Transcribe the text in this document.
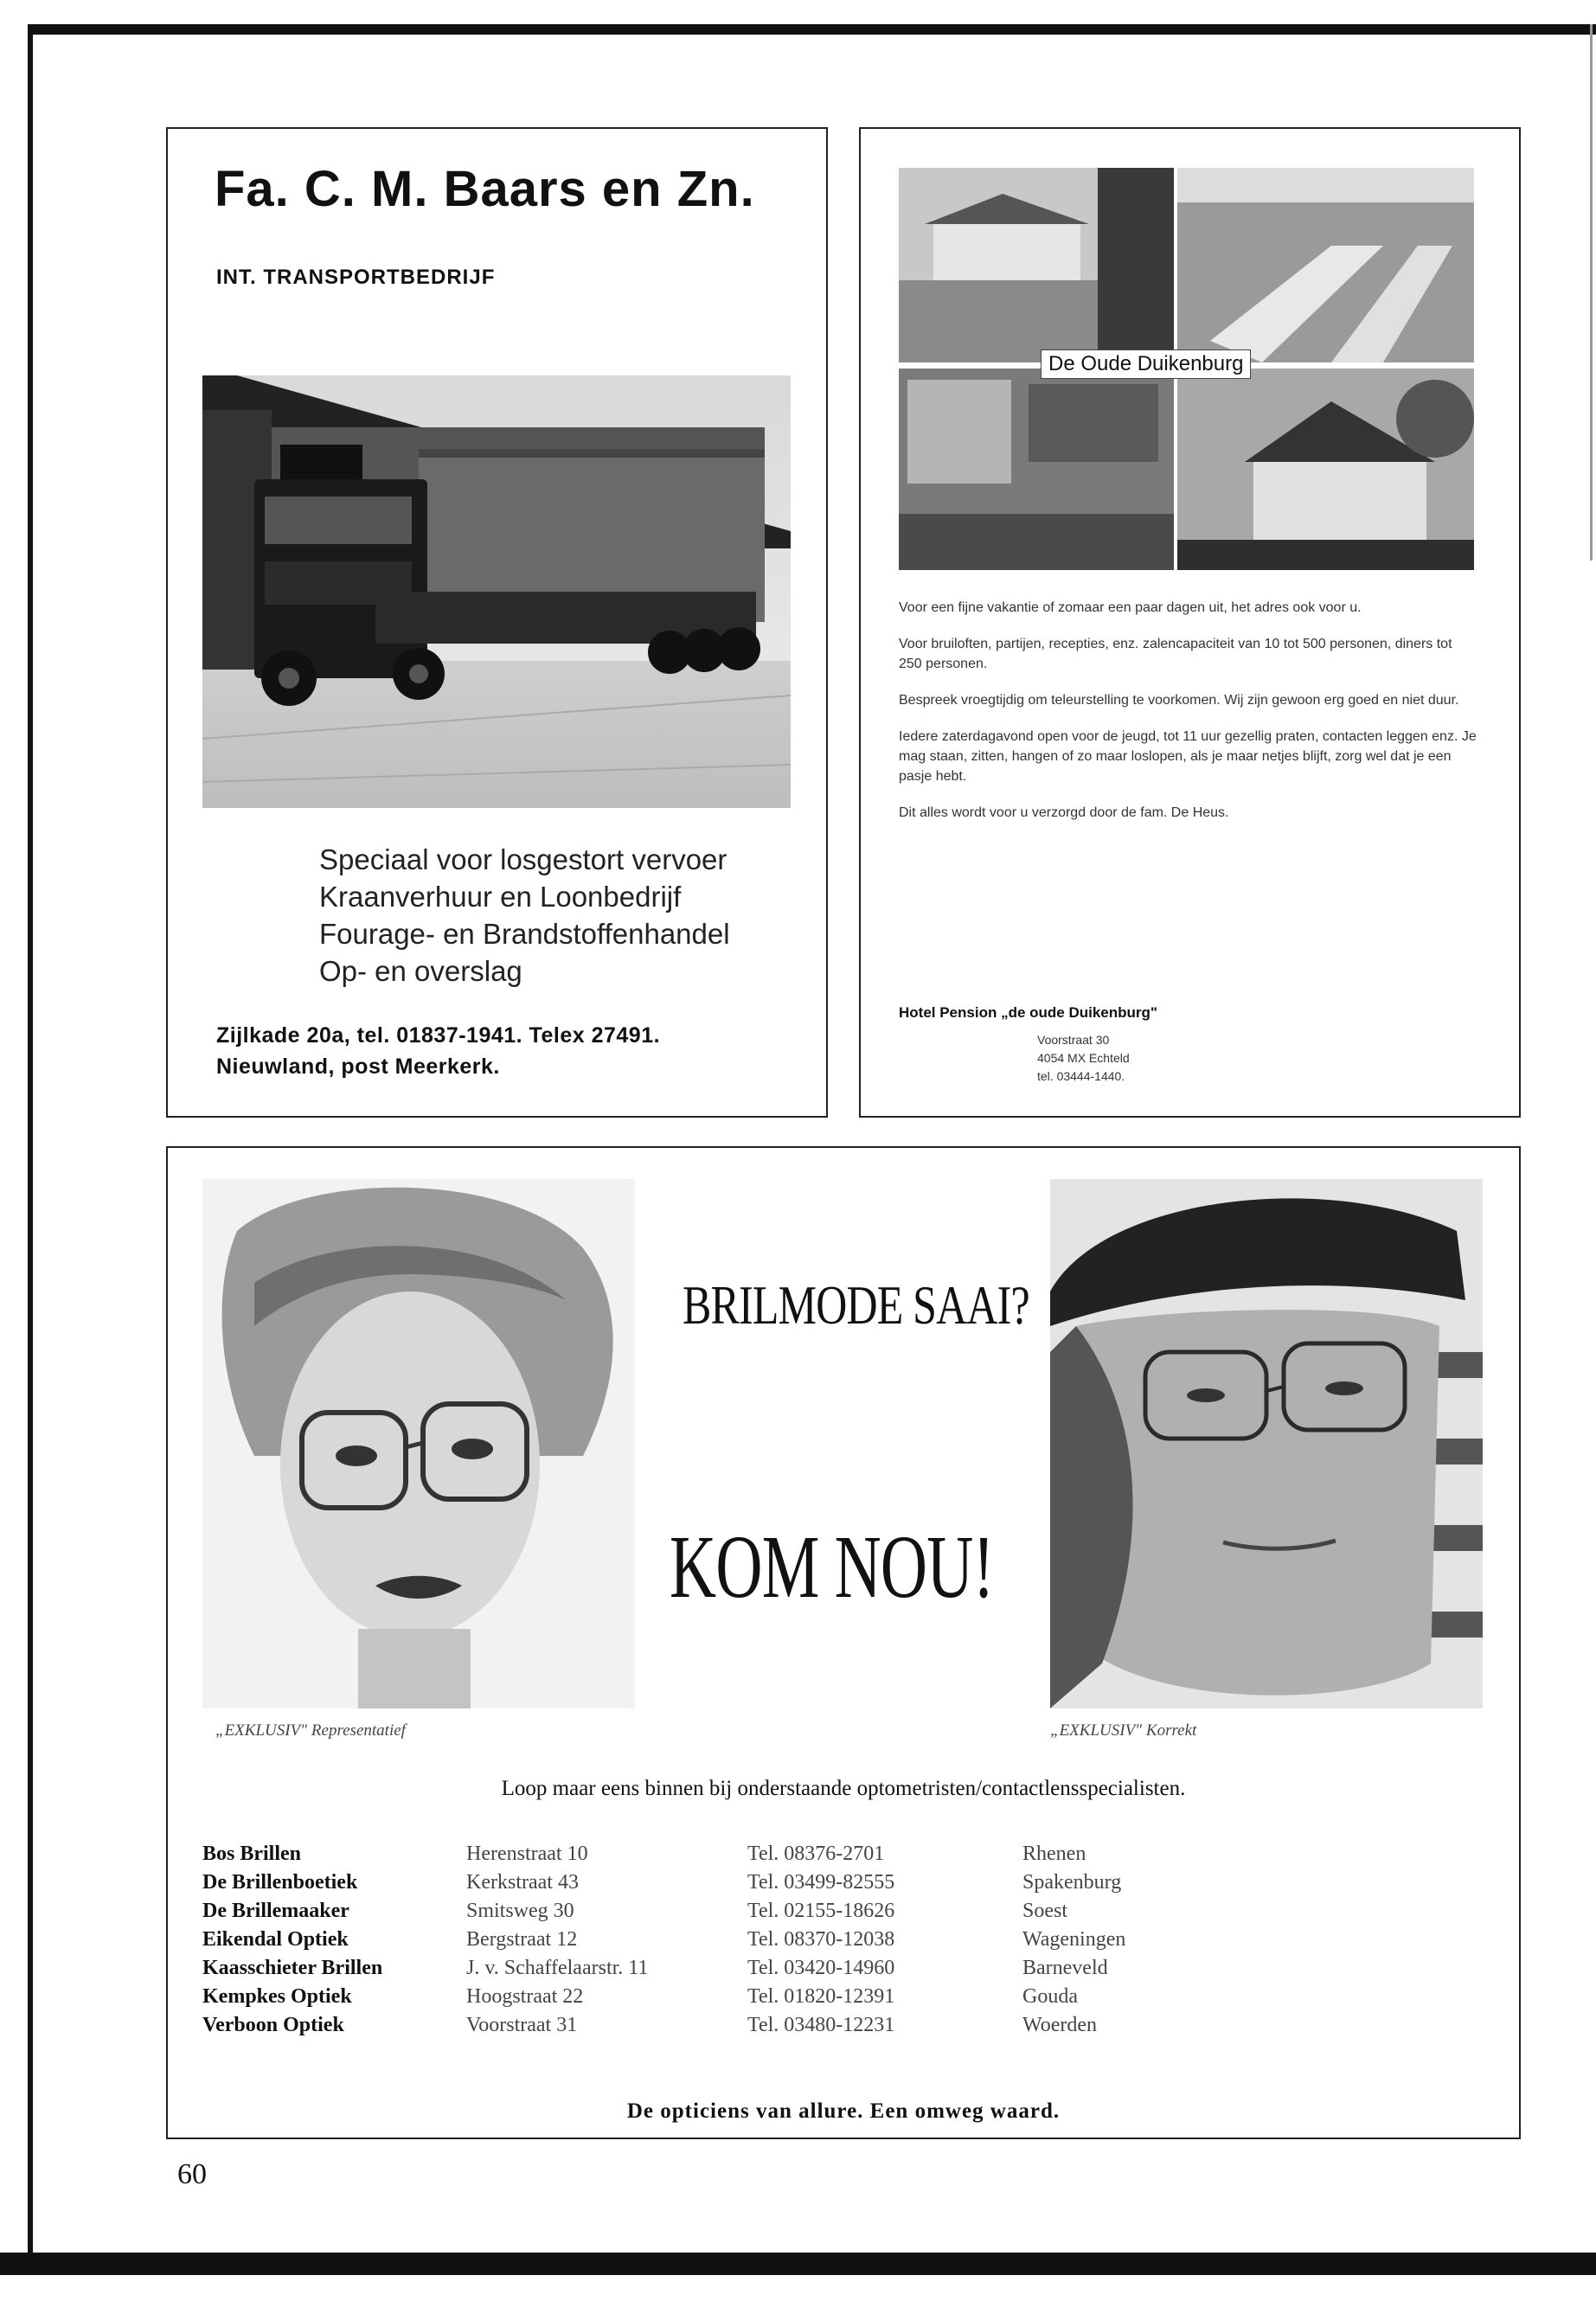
Fa. C. M. Baars en Zn.
INT. TRANSPORTBEDRIJF
Speciaal voor losgestort vervoer
Kraanverhuur en Loonbedrijf
Fourage- en Brandstoffenhandel
Op- en overslag
Zijlkade 20a, tel. 01837-1941. Telex 27491.
Nieuwland, post Meerkerk.
De Oude Duikenburg

Voor een fijne vakantie of zomaar een paar dagen uit, het adres ook voor u.

Voor bruiloften, partijen, recepties, enz. zalencapaciteit van 10 tot 500 personen, diners tot 250 personen.

Bespreek vroegtijdig om teleurstelling te voorkomen. Wij zijn gewoon erg goed en niet duur.

Iedere zaterdagavond open voor de jeugd, tot 11 uur gezellig praten, contacten leggen enz. Je mag staan, zitten, hangen of zo maar loslopen, als je maar netjes blijft, zorg wel dat je een pasje hebt.

Dit alles wordt voor u verzorgd door de fam. De Heus.

Hotel Pension „de oude Duikenburg"
Voorstraat 30
4054 MX Echteld
tel. 03444-1440.
BRILMODE SAAI?
KOM NOU!
„EXKLUSIV" Representatief	„EXKLUSIV" Korrekt
Loop maar eens binnen bij onderstaande optometristen/contactlensspecialisten.
Bos Brillen	Herenstraat 10	Tel. 08376-2701	Rhenen
De Brillenboetiek	Kerkstraat 43	Tel. 03499-82555	Spakenburg
De Brillemaaker	Smitsweg 30	Tel. 02155-18626	Soest
Eikendal Optiek	Bergstraat 12	Tel. 08370-12038	Wageningen
Kaasschieter Brillen	J. v. Schaffelaarstr. 11	Tel. 03420-14960	Barneveld
Kempkes Optiek	Hoogstraat 22	Tel. 01820-12391	Gouda
Verboon Optiek	Voorstraat 31	Tel. 03480-12231	Woerden
De opticiens van allure. Een omweg waard.
60
